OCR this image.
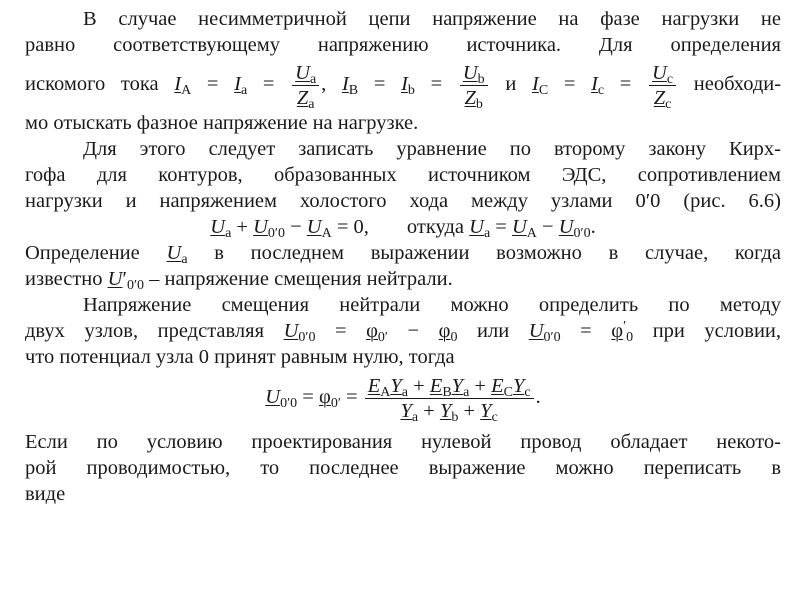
В случае несимметричной цепи напряжение на фазе нагрузки не
равно соответствующему напряжению источника. Для определения
искомого тока $I_A = I_a = \frac{U_a}{Z_a}$ , $I_B = I_b = \frac{U_b}{Z_b}$ и $I_C = I_c = \frac{U_c}{Z_c}$ необходи-
мо отыскать фазное напряжение на нагрузке.
Для этого следует записать уравнение по второму закону Кирх-
гофа для контуров, образованных источником ЭДС, сопротивлением
нагрузки и напряжением холостого хода между узлами 0′0 (рис. 6.6)
$U_a + U_{0'0} - U_A = 0$, откуда $U_a = U_A - U_{0'0}$.
Определение $U_a$ в последнем выражении возможно в случае, когда
известно $U'_{0'0}$ – напряжение смещения нейтрали.
Напряжение смещения нейтрали можно определить по методу
двух узлов, представляя $U_{0'0} = \varphi_{0'} - \varphi_0$ или $U_{0'0} = \varphi'_0$ при условии,
что потенциал узла 0 принят равным нулю, тогда
$U_{0'0} = \varphi_{0'} = \frac{E_AY_a + E_BY_a + E_CY_c}{Y_a + Y_b + Y_c}$ .
Если по условию проектирования нулевой провод обладает некото-
рой проводимостью, то последнее выражение можно переписать в
виде
